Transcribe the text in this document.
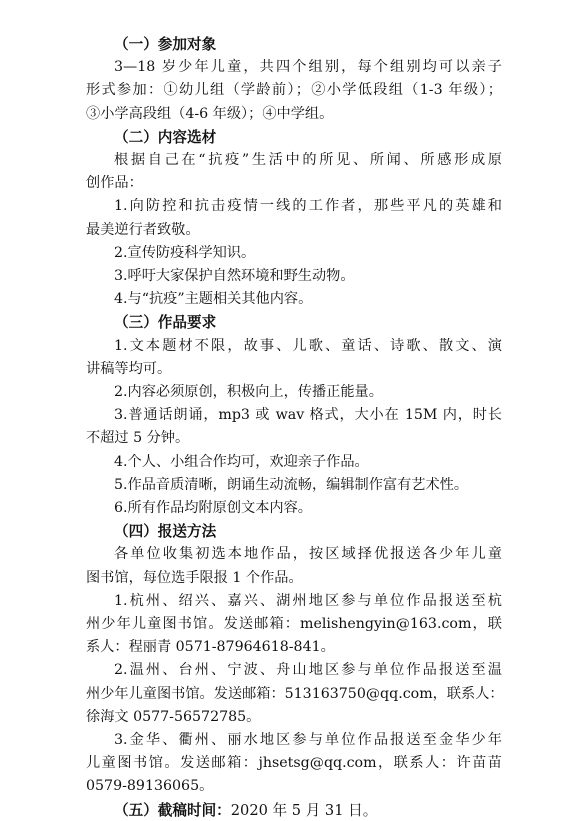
（一）参加对象
3—18 岁少年儿童，共四个组别，每个组别均可以亲子
形式参加：①幼儿组（学龄前）；②小学低段组（1-3 年级）；
③小学高段组（4-6 年级）；④中学组。
（二）内容选材
根据自己在“抗疫”生活中的所见、所闻、所感形成原
创作品：
1.向防控和抗击疫情一线的工作者，那些平凡的英雄和
最美逆行者致敬。
2.宣传防疫科学知识。
3.呼吁大家保护自然环境和野生动物。
4.与“抗疫”主题相关其他内容。
（三）作品要求
1.文本题材不限，故事、儿歌、童话、诗歌、散文、演
讲稿等均可。
2.内容必须原创，积极向上，传播正能量。
3.普通话朗诵，mp3 或 wav 格式，大小在 15M 内，时长
不超过 5 分钟。
4.个人、小组合作均可，欢迎亲子作品。
5.作品音质清晰，朗诵生动流畅，编辑制作富有艺术性。
6.所有作品均附原创文本内容。
（四）报送方法
各单位收集初选本地作品，按区域择优报送各少年儿童
图书馆，每位选手限报 1 个作品。
1.杭州、绍兴、嘉兴、湖州地区参与单位作品报送至杭
州少年儿童图书馆。发送邮箱：melishengyin@163.com，联
系人：程丽青 0571-87964618-841。
2.温州、台州、宁波、舟山地区参与单位作品报送至温
州少年儿童图书馆。发送邮箱：513163750@qq.com，联系人：
徐海文 0577-56572785。
3.金华、衢州、丽水地区参与单位作品报送至金华少年
儿童图书馆。发送邮箱：jhsetsg@qq.com，联系人：许苗苗
0579-89136065。
（五）截稿时间：2020 年 5 月 31 日。
